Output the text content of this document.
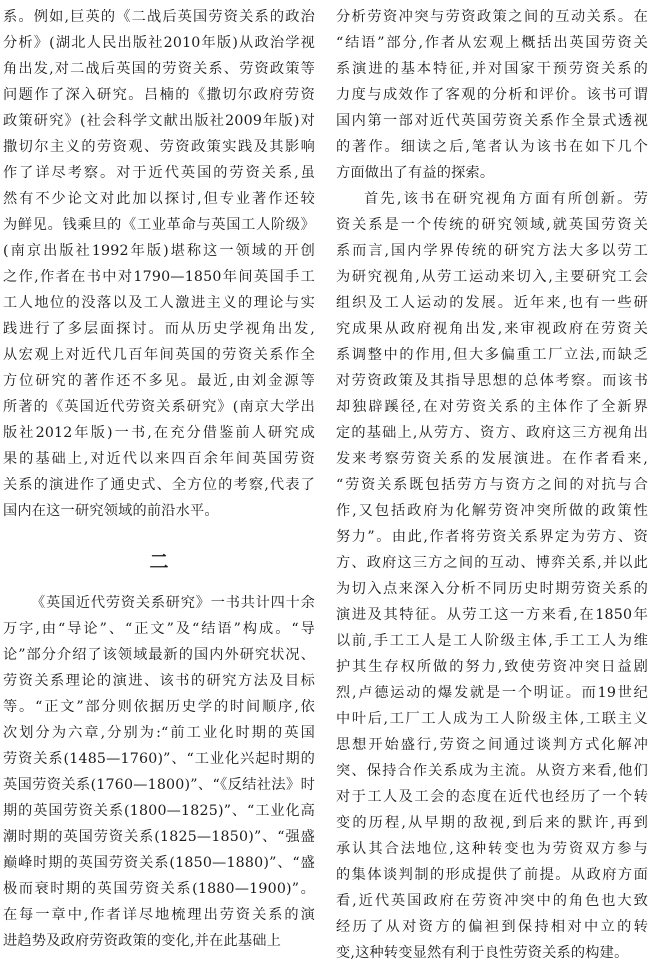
系。例如,巨英的《二战后英国劳资关系的政治
分析》(湖北人民出版社2010年版)从政治学视
角出发,对二战后英国的劳资关系、劳资政策等
问题作了深入研究。吕楠的《撒切尔政府劳资
政策研究》(社会科学文献出版社2009年版)对
撒切尔主义的劳资观、劳资政策实践及其影响
作了详尽考察。对于近代英国的劳资关系,虽
然有不少论文对此加以探讨,但专业著作还较
为鲜见。钱乘旦的《工业革命与英国工人阶级》
(南京出版社1992年版)堪称这一领域的开创
之作,作者在书中对1790—1850年间英国手工
工人地位的没落以及工人激进主义的理论与实
践进行了多层面探讨。而从历史学视角出发,
从宏观上对近代几百年间英国的劳资关系作全
方位研究的著作还不多见。最近,由刘金源等
所著的《英国近代劳资关系研究》(南京大学出
版社2012年版)一书,在充分借鉴前人研究成
果的基础上,对近代以来四百余年间英国劳资
关系的演进作了通史式、全方位的考察,代表了
国内在这一研究领域的前沿水平。
二
《英国近代劳资关系研究》一书共计四十余
万字,由“导论”、“正文”及“结语”构成。“导
论”部分介绍了该领域最新的国内外研究状况、
劳资关系理论的演进、该书的研究方法及目标
等。“正文”部分则依据历史学的时间顺序,依
次划分为六章,分别为:“前工业化时期的英国
劳资关系(1485—1760)”、“工业化兴起时期的
英国劳资关系(1760—1800)”、“《反结社法》时
期的英国劳资关系(1800—1825)”、“工业化高
潮时期的英国劳资关系(1825—1850)”、“强盛
巅峰时期的英国劳资关系(1850—1880)”、“盛
极而衰时期的英国劳资关系(1880—1900)”。
在每一章中,作者详尽地梳理出劳资关系的演
进趋势及政府劳资政策的变化,并在此基础上
分析劳资冲突与劳资政策之间的互动关系。在
“结语”部分,作者从宏观上概括出英国劳资关
系演进的基本特征,并对国家干预劳资关系的
力度与成效作了客观的分析和评价。该书可谓
国内第一部对近代英国劳资关系作全景式透视
的著作。细读之后,笔者认为该书在如下几个
方面做出了有益的探索。
首先,该书在研究视角方面有所创新。劳
资关系是一个传统的研究领域,就英国劳资关
系而言,国内学界传统的研究方法大多以劳工
为研究视角,从劳工运动来切入,主要研究工会
组织及工人运动的发展。近年来,也有一些研
究成果从政府视角出发,来审视政府在劳资关
系调整中的作用,但大多偏重工厂立法,而缺乏
对劳资政策及其指导思想的总体考察。而该书
却独辟蹊径,在对劳资关系的主体作了全新界
定的基础上,从劳方、资方、政府这三方视角出
发来考察劳资关系的发展演进。在作者看来,
“劳资关系既包括劳方与资方之间的对抗与合
作,又包括政府为化解劳资冲突所做的政策性
努力”。由此,作者将劳资关系界定为劳方、资
方、政府这三方之间的互动、博弈关系,并以此
为切入点来深入分析不同历史时期劳资关系的
演进及其特征。从劳工这一方来看,在1850年
以前,手工工人是工人阶级主体,手工工人为维
护其生存权所做的努力,致使劳资冲突日益剧
烈,卢德运动的爆发就是一个明证。而19世纪
中叶后,工厂工人成为工人阶级主体,工联主义
思想开始盛行,劳资之间通过谈判方式化解冲
突、保持合作关系成为主流。从资方来看,他们
对于工人及工会的态度在近代也经历了一个转
变的历程,从早期的敌视,到后来的默许,再到
承认其合法地位,这种转变也为劳资双方参与
的集体谈判制的形成提供了前提。从政府方面
看,近代英国政府在劳资冲突中的角色也大致
经历了从对资方的偏袒到保持相对中立的转
变,这种转变显然有利于良性劳资关系的构建。
